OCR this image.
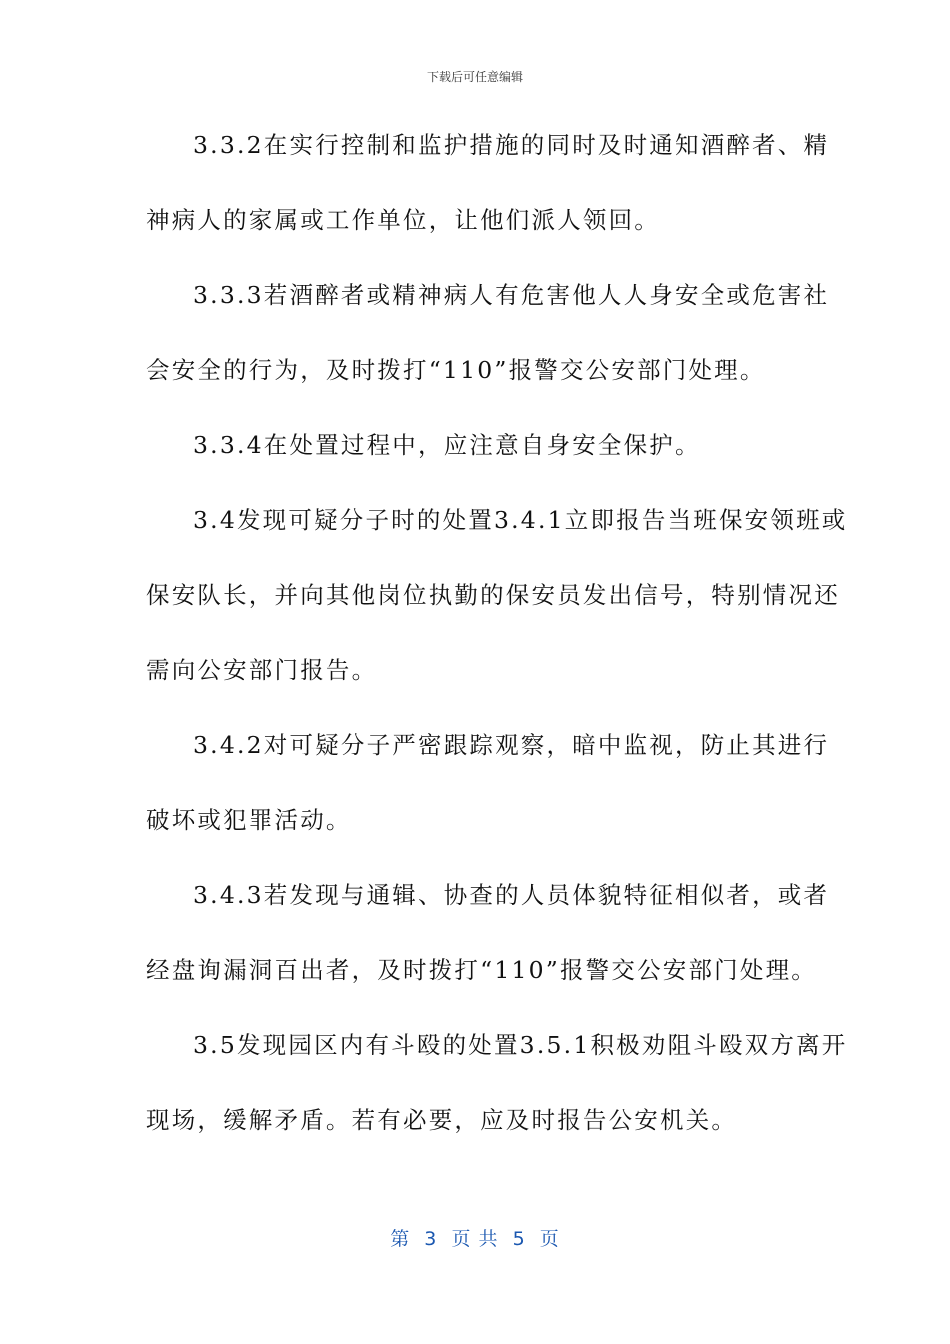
下载后可任意编辑
3.3.2在实行控制和监护措施的同时及时通知酒醉者、精
神病人的家属或工作单位，让他们派人领回。
3.3.3若酒醉者或精神病人有危害他人人身安全或危害社
会安全的行为，及时拨打“110”报警交公安部门处理。
3.3.4在处置过程中，应注意自身安全保护。
3.4发现可疑分子时的处置3.4.1立即报告当班保安领班或
保安队长，并向其他岗位执勤的保安员发出信号，特别情况还
需向公安部门报告。
3.4.2对可疑分子严密跟踪观察，暗中监视，防止其进行
破坏或犯罪活动。
3.4.3若发现与通辑、协查的人员体貌特征相似者，或者
经盘询漏洞百出者，及时拨打“110”报警交公安部门处理。
3.5发现园区内有斗殴的处置3.5.1积极劝阻斗殴双方离开
现场，缓解矛盾。若有必要，应及时报告公安机关。
第  3  页 共  5  页
